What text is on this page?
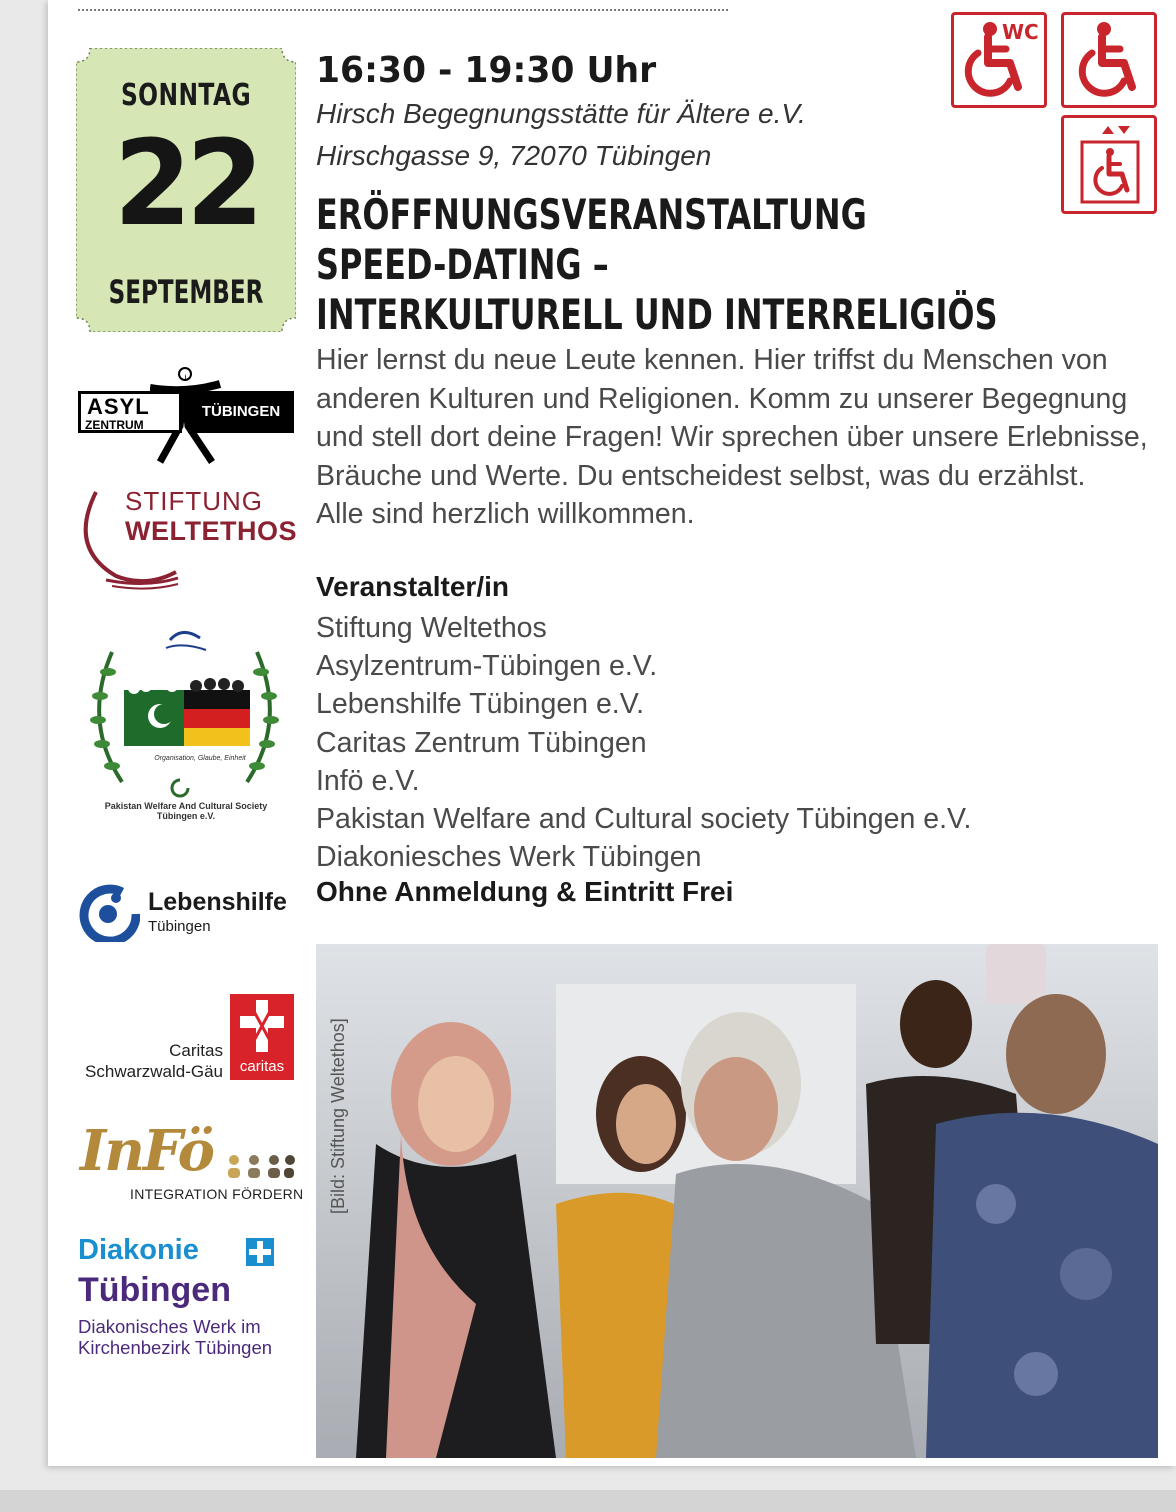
SONNTAG
22
SEPTEMBER
WC
16:30 - 19:30 Uhr
Hirsch Begegnungsstätte für Ältere e.V.
Hirschgasse 9, 72070 Tübingen
ERÖFFNUNGSVERANSTALTUNG
SPEED-DATING –
INTERKULTURELL UND INTERRELIGIÖS
Hier lernst du neue Leute kennen. Hier triffst du Menschen von
anderen Kulturen und Religionen. Komm zu unserer Begegnung
und stell dort deine Fragen! Wir sprechen über unsere Erlebnisse,
Bräuche und Werte. Du entscheidest selbst, was du erzählst.
Alle sind herzlich willkommen.
Veranstalter/in
Stiftung Weltethos
Asylzentrum-Tübingen e.V.
Lebenshilfe Tübingen e.V.
Caritas Zentrum Tübingen
Infö e.V.
Pakistan Welfare and Cultural society Tübingen e.V.
Diakoniesches Werk Tübingen
Ohne Anmeldung & Eintritt Frei
[Bild: Stiftung Weltethos]
ASYL
ZENTRUM
TÜBINGEN
STIFTUNG
WELTETHOS
Organisation, Glaube, Einheit
Pakistan Welfare And Cultural Society Tübingen e.V.
Lebenshilfe
Tübingen
Caritas
Schwarzwald-Gäu	caritas
InFö
INTEGRATION FÖRDERN
Diakonie
Tübingen
Diakonisches Werk im
Kirchenbezirk Tübingen
